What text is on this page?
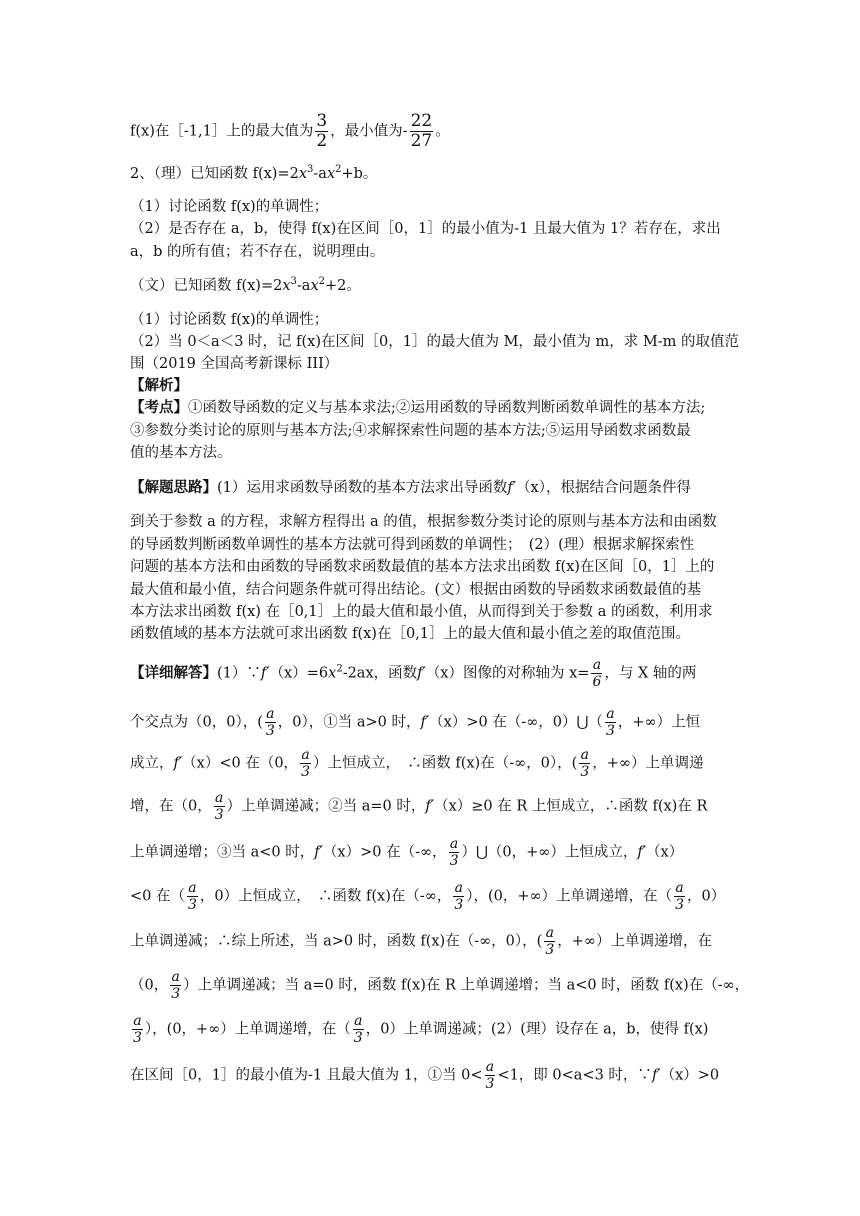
f(x)在［-1,1］上的最大值为 $\frac{3}{2}$ ，最小值为- $\frac{22}{27}$ 。
2、（理）已知函数 $f(x)=2x^3-ax^2+b$。
（1）讨论函数 f(x)的单调性；
（2）是否存在 a，b，使得 f(x)在区间［0，1］的最小值为-1 且最大值为 1？若存在，求出
a，b 的所有值；若不存在，说明理由。
（文）已知函数 $f(x)=2x^3-ax^2+2$。
（1）讨论函数 f(x)的单调性；
（2）当 0＜a＜3 时，记 f(x)在区间［0，1］的最大值为 M，最小值为 m，求 M-m 的取值范
围（2019 全国高考新课标 III）
【解析】
【考点】①函数导函数的定义与基本求法;②运用函数的导函数判断函数单调性的基本方法;
③参数分类讨论的原则与基本方法;④求解探索性问题的基本方法;⑤运用导函数求函数最
值的基本方法。
【解题思路】(1）运用求函数导函数的基本方法求出导函数f′（x），根据结合问题条件得
到关于参数 a 的方程，求解方程得出 a 的值，根据参数分类讨论的原则与基本方法和由函数
的导函数判断函数单调性的基本方法就可得到函数的单调性；　(2）(理）根据求解探索性
问题的基本方法和由函数的导函数求函数最值的基本方法求出函数 f(x)在区间［0，1］上的
最大值和最小值，结合问题条件就可得出结论。(文）根据由函数的导函数求函数最值的基
本方法求出函数 f(x) 在［0,1］上的最大值和最小值，从而得到关于参数 a 的函数，利用求
函数值域的基本方法就可求出函数 f(x)在［0,1］上的最大值和最小值之差的取值范围。
【详细解答】$(1)\because f'(x)=6x^2-2ax$，函数f′（x）图像的对称轴为 $x= \frac{a}{6}$ ，与 X 轴的两
个交点为（0，0），( $\frac{a}{3}$ ，0），①当 a>0 时，f′（x）>0 在（-∞，0）⋃（ $\frac{a}{3}$ ，+∞）上恒
成立，f′（x）<0 在（0， $\frac{a}{3}$ ）上恒成立，　∴函数 f(x)在（-∞，0），( $\frac{a}{3}$ ，+∞）上单调递
增，在（0， $\frac{a}{3}$ ）上单调递减；②当 a=0 时，f′（x）≥0 在 R 上恒成立，∴函数 f(x)在 R
上单调递增；③当 a<0 时，f′（x）>0 在（-∞， $\frac{a}{3}$ ）⋃（0，+∞）上恒成立，f′（x）
<0 在（ $\frac{a}{3}$ ，0）上恒成立，　∴函数 f(x)在（-∞， $\frac{a}{3}$ ），(0，+∞）上单调递增，在（ $\frac{a}{3}$ ，0）
上单调递减；∴综上所述，当 a>0 时，函数 f(x)在（-∞，0），( $\frac{a}{3}$ ，+∞）上单调递增，在
（0， $\frac{a}{3}$ ）上单调递减；当 a=0 时，函数 f(x)在 R 上单调递增；当 a<0 时，函数 f(x)在（-∞，
$\frac{a}{3}$ ），(0，+∞）上单调递增，在（ $\frac{a}{3}$ ，0）上单调递减；(2）(理）设存在 a，b，使得 f(x)
在区间［0，1］的最小值为-1 且最大值为 1，①当 $0< \frac{a}{3} <1$，即 0<a<3 时，∵f′（x）>0
